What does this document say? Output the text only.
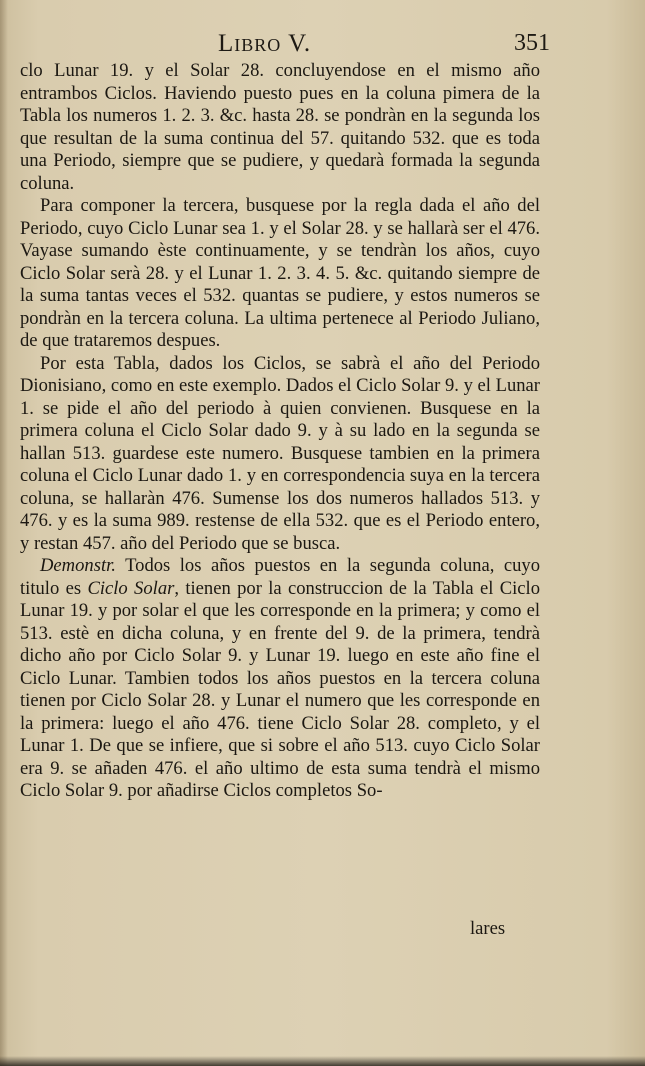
Libro V.	351

clo Lunar 19. y el Solar 28. concluyendose en el mismo año entrambos Ciclos. Haviendo puesto pues en la coluna pimera de la Tabla los numeros 1. 2. 3. &c. hasta 28. se pondràn en la segunda los que resultan de la suma continua del 57. quitando 532. que es toda una Periodo, siempre que se pudiere, y quedarà formada la segunda coluna.

Para componer la tercera, busquese por la regla dada el año del Periodo, cuyo Ciclo Lunar sea 1. y el Solar 28. y se hallarà ser el 476. Vayase sumando èste continuamente, y se tendràn los años, cuyo Ciclo Solar serà 28. y el Lunar 1. 2. 3. 4. 5. &c. quitando siempre de la suma tantas veces el 532. quantas se pudiere, y estos numeros se pondràn en la tercera coluna. La ultima pertenece al Periodo Juliano, de que trataremos despues.

Por esta Tabla, dados los Ciclos, se sabrà el año del Periodo Dionisiano, como en este exemplo. Dados el Ciclo Solar 9. y el Lunar 1. se pide el año del periodo à quien convienen. Busquese en la primera coluna el Ciclo Solar dado 9. y à su lado en la segunda se hallan 513. guardese este numero. Busquese tambien en la primera coluna el Ciclo Lunar dado 1. y en correspondencia suya en la tercera coluna, se hallaràn 476. Sumense los dos numeros hallados 513. y 476. y es la suma 989. restense de ella 532. que es el Periodo entero, y restan 457. año del Periodo que se busca.

Demonstr. Todos los años puestos en la segunda coluna, cuyo titulo es Ciclo Solar, tienen por la construccion de la Tabla el Ciclo Lunar 19. y por solar el que les corresponde en la primera; y como el 513. estè en dicha coluna, y en frente del 9. de la primera, tendrà dicho año por Ciclo Solar 9. y Lunar 19. luego en este año fine el Ciclo Lunar. Tambien todos los años puestos en la tercera coluna tienen por Ciclo Solar 28. y Lunar el numero que les corresponde en la primera: luego el año 476. tiene Ciclo Solar 28. completo, y el Lunar 1. De que se infiere, que si sobre el año 513. cuyo Ciclo Solar era 9. se añaden 476. el año ultimo de esta suma tendrà el mismo Ciclo Solar 9. por añadirse Ciclos completos So-

lares
